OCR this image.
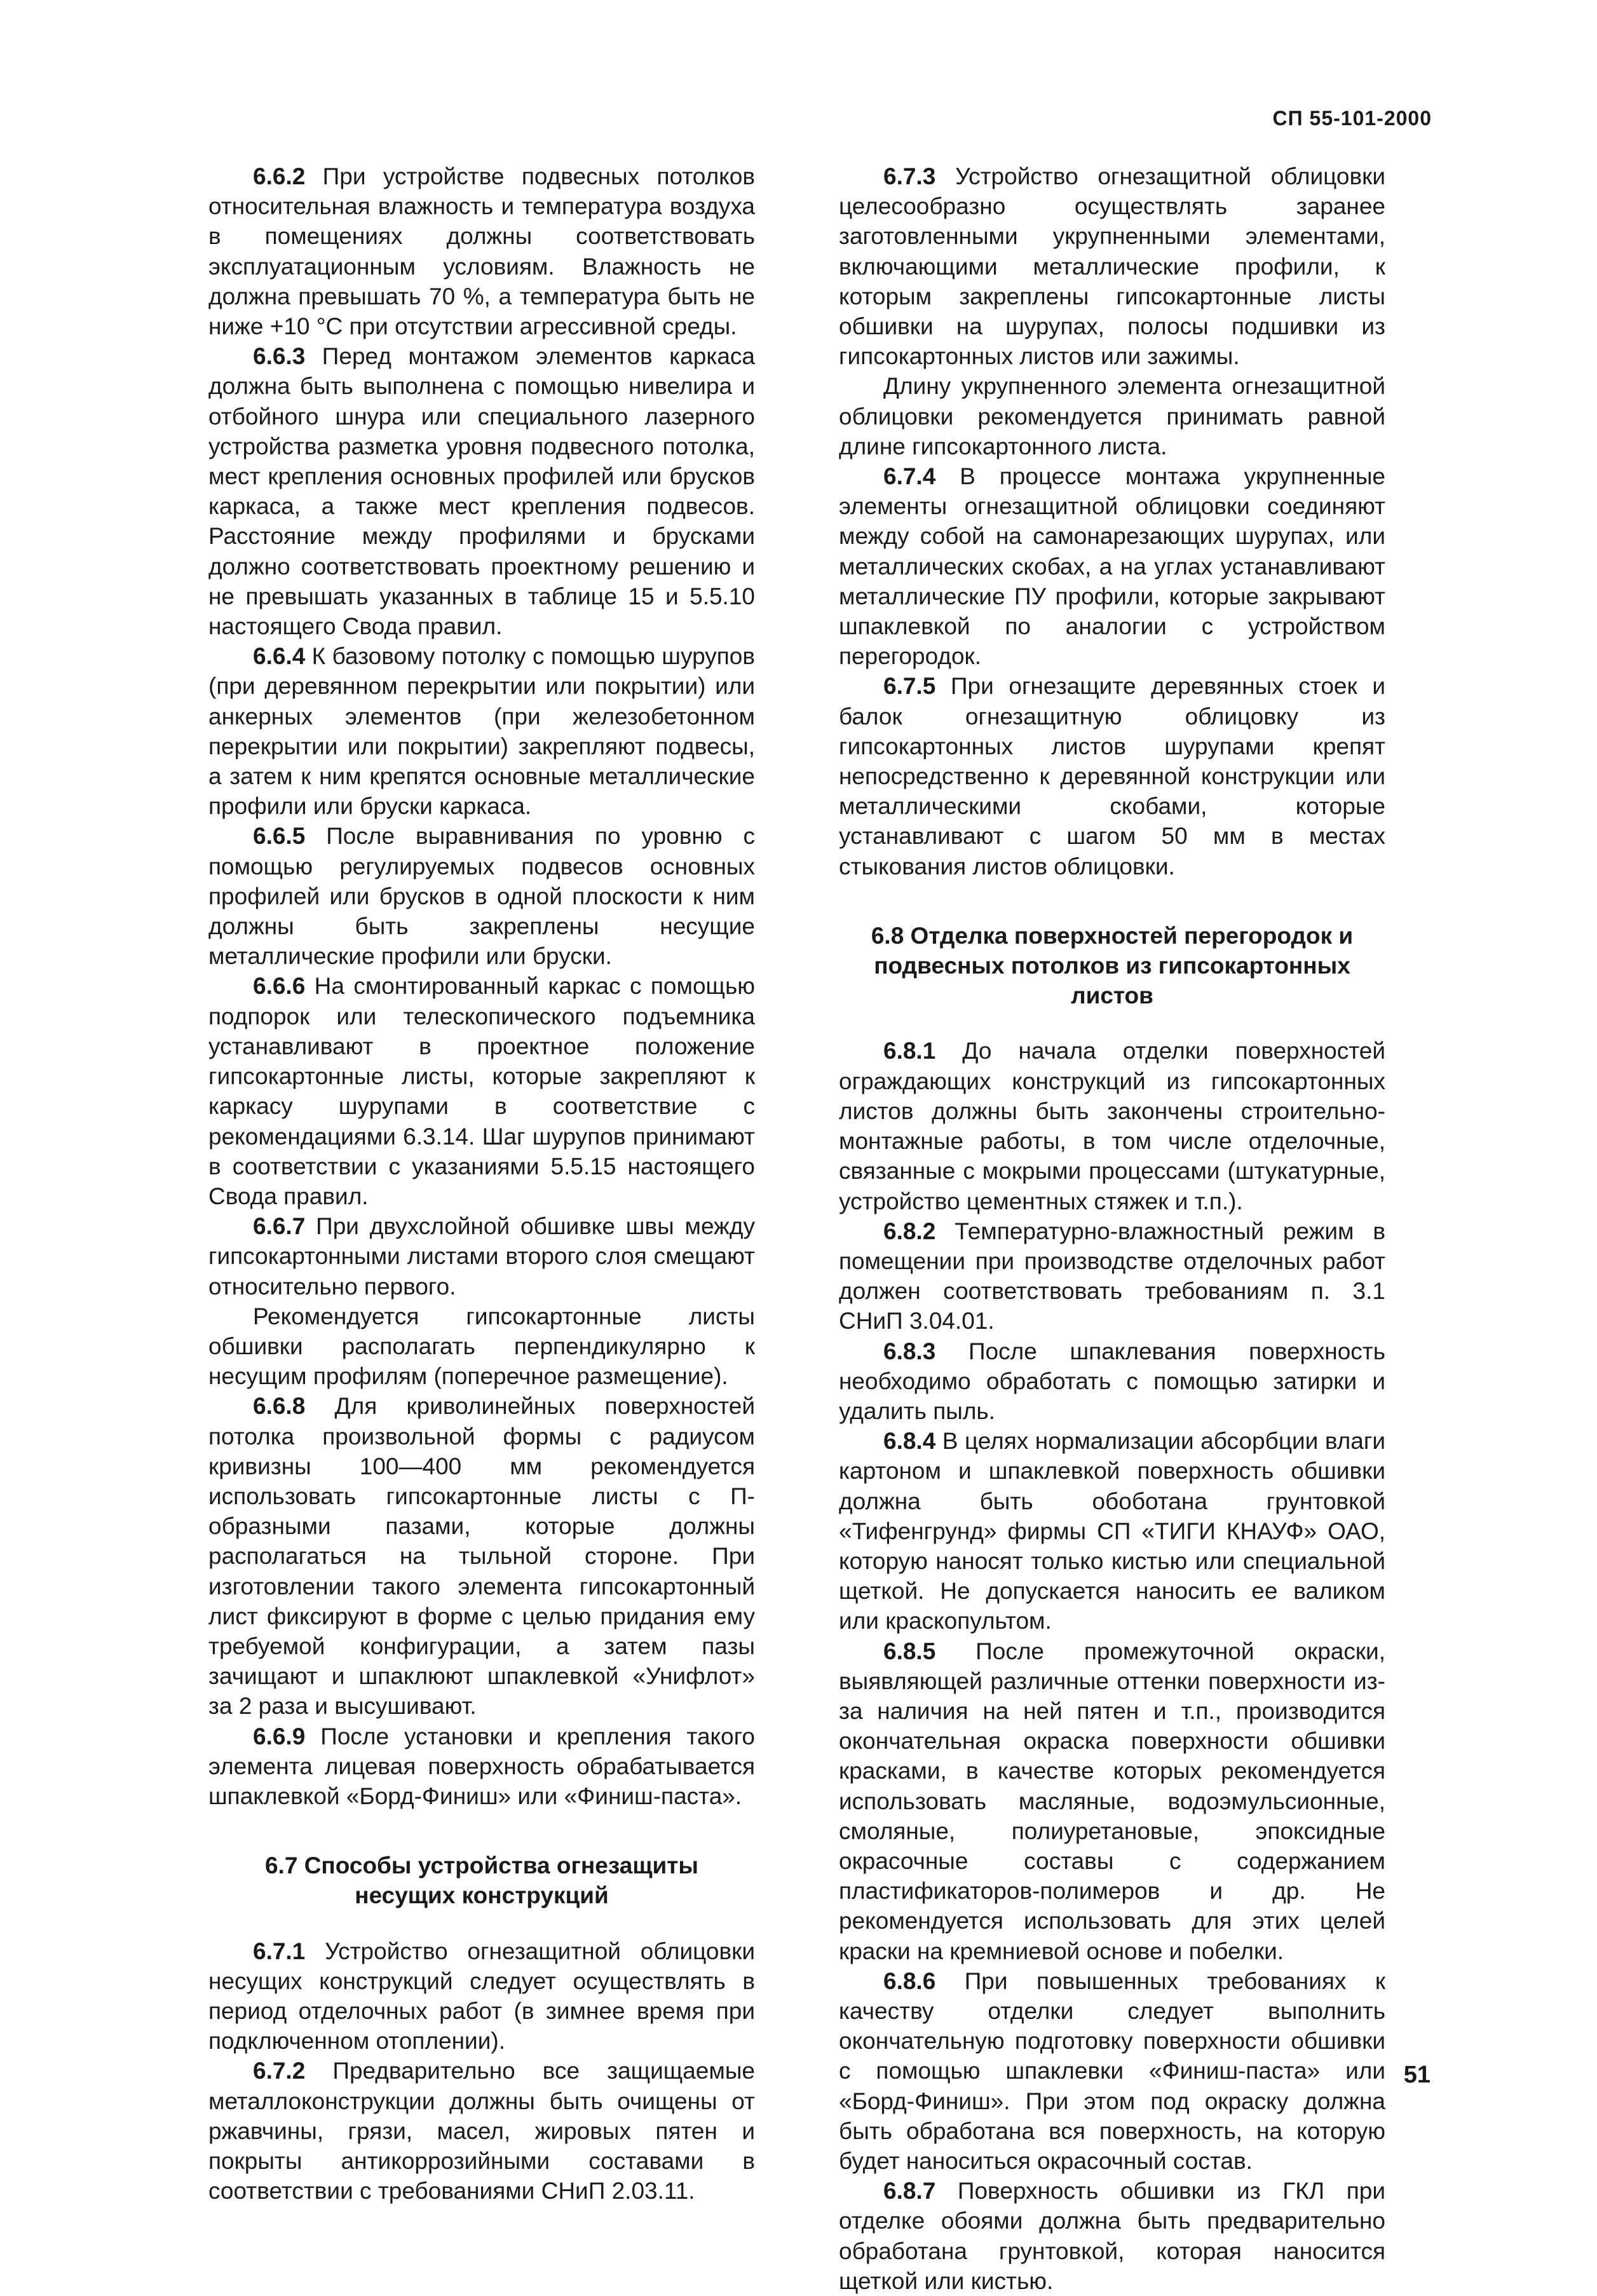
СП 55-101-2000

6.6.2 При устройстве подвесных потолков относительная влажность и температура воздуха в помещениях должны соответствовать эксплуатационным условиям. Влажность не должна превышать 70 %, а температура быть не ниже +10 °С при отсутствии агрессивной среды.

6.6.3 Перед монтажом элементов каркаса должна быть выполнена с помощью нивелира и отбойного шнура или специального лазерного устройства разметка уровня подвесного потолка, мест крепления основных профилей или брусков каркаса, а также мест крепления подвесов. Расстояние между профилями и брусками должно соответствовать проектному решению и не превышать указанных в таблице 15 и 5.5.10 настоящего Свода правил.

6.6.4 К базовому потолку с помощью шурупов (при деревянном перекрытии или покрытии) или анкерных элементов (при железобетонном перекрытии или покрытии) закрепляют подвесы, а затем к ним крепятся основные металлические профили или бруски каркаса.

6.6.5 После выравнивания по уровню с помощью регулируемых подвесов основных профилей или брусков в одной плоскости к ним должны быть закреплены несущие металлические профили или бруски.

6.6.6 На смонтированный каркас с помощью подпорок или телескопического подъемника устанавливают в проектное положение гипсокартонные листы, которые закрепляют к каркасу шурупами в соответствие с рекомендациями 6.3.14. Шаг шурупов принимают в соответствии с указаниями 5.5.15 настоящего Свода правил.

6.6.7 При двухслойной обшивке швы между гипсокартонными листами второго слоя смещают относительно первого.

Рекомендуется гипсокартонные листы обшивки располагать перпендикулярно к несущим профилям (поперечное размещение).

6.6.8 Для криволинейных поверхностей потолка произвольной формы с радиусом кривизны 100—400 мм рекомендуется использовать гипсокартонные листы с П-образными пазами, которые должны располагаться на тыльной стороне. При изготовлении такого элемента гипсокартонный лист фиксируют в форме с целью придания ему требуемой конфигурации, а затем пазы зачищают и шпаклюют шпаклевкой «Унифлот» за 2 раза и высушивают.

6.6.9 После установки и крепления такого элемента лицевая поверхность обрабатывается шпаклевкой «Борд-Финиш» или «Финиш-паста».

6.7 Способы устройства огнезащиты несущих конструкций

6.7.1 Устройство огнезащитной облицовки несущих конструкций следует осуществлять в период отделочных работ (в зимнее время при подключенном отоплении).

6.7.2 Предварительно все защищаемые металлоконструкции должны быть очищены от ржавчины, грязи, масел, жировых пятен и покрыты антикоррозийными составами в соответствии с требованиями СНиП 2.03.11.

6.7.3 Устройство огнезащитной облицовки целесообразно осуществлять заранее заготовленными укрупненными элементами, включающими металлические профили, к которым закреплены гипсокартонные листы обшивки на шурупах, полосы подшивки из гипсокартонных листов или зажимы.

Длину укрупненного элемента огнезащитной облицовки рекомендуется принимать равной длине гипсокартонного листа.

6.7.4 В процессе монтажа укрупненные элементы огнезащитной облицовки соединяют между собой на самонарезающих шурупах, или металлических скобах, а на углах устанавливают металлические ПУ профили, которые закрывают шпаклевкой по аналогии с устройством перегородок.

6.7.5 При огнезащите деревянных стоек и балок огнезащитную облицовку из гипсокартонных листов шурупами крепят непосредственно к деревянной конструкции или металлическими скобами, которые устанавливают с шагом 50 мм в местах стыкования листов облицовки.

6.8 Отделка поверхностей перегородок и подвесных потолков из гипсокартонных листов

6.8.1 До начала отделки поверхностей ограждающих конструкций из гипсокартонных листов должны быть закончены строительно-монтажные работы, в том числе отделочные, связанные с мокрыми процессами (штукатурные, устройство цементных стяжек и т.п.).

6.8.2 Температурно-влажностный режим в помещении при производстве отделочных работ должен соответствовать требованиям п. 3.1 СНиП 3.04.01.

6.8.3 После шпаклевания поверхность необходимо обработать с помощью затирки и удалить пыль.

6.8.4 В целях нормализации абсорбции влаги картоном и шпаклевкой поверхность обшивки должна быть обоботана грунтовкой «Тифенгрунд» фирмы СП «ТИГИ КНАУФ» ОАО, которую наносят только кистью или специальной щеткой. Не допускается наносить ее валиком или краскопультом.

6.8.5 После промежуточной окраски, выявляющей различные оттенки поверхности из-за наличия на ней пятен и т.п., производится окончательная окраска поверхности обшивки красками, в качестве которых рекомендуется использовать масляные, водоэмульсионные, смоляные, полиуретановые, эпоксидные окрасочные составы с содержанием пластификаторов-полимеров и др. Не рекомендуется использовать для этих целей краски на кремниевой основе и побелки.

6.8.6 При повышенных требованиях к качеству отделки следует выполнить окончательную подготовку поверхности обшивки с помощью шпаклевки «Финиш-паста» или «Борд-Финиш». При этом под окраску должна быть обработана вся поверхность, на которую будет наноситься окрасочный состав.

6.8.7 Поверхность обшивки из ГКЛ при отделке обоями должна быть предварительно обработана грунтовкой, которая наносится щеткой или кистью.

51
